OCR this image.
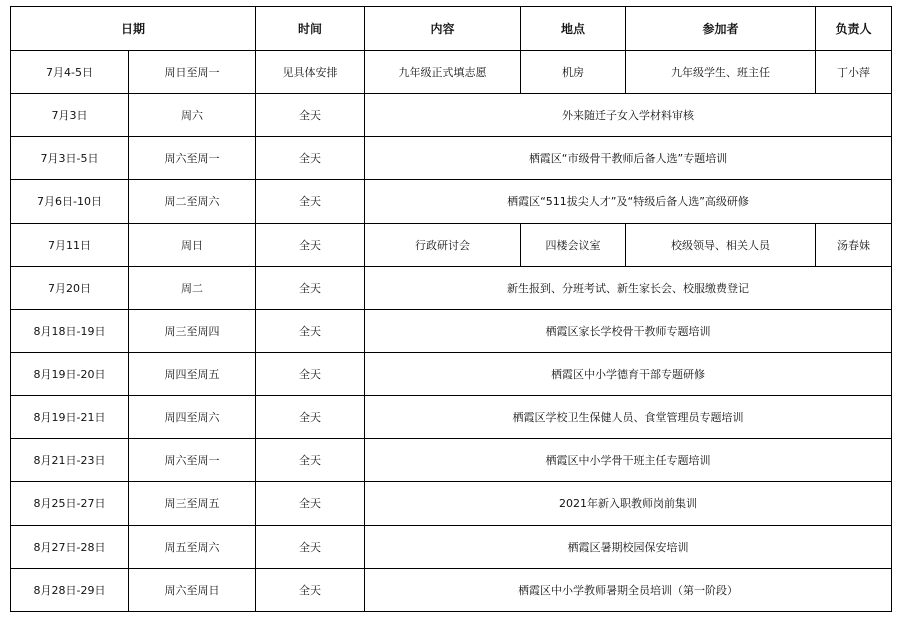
日期		时间	内容	地点	参加者	负责人
7月4-5日	周日至周一	见具体安排	九年级正式填志愿	机房	九年级学生、班主任	丁小萍
7月3日	周六	全天	外来随迁子女入学材料审核			
7月3日-5日	周六至周一	全天	栖霞区“市级骨干教师后备人选”专题培训			
7月6日-10日	周二至周六	全天	栖霞区“511拔尖人才”及“特级后备人选”高级研修			
7月11日	周日	全天	行政研讨会	四楼会议室	校级领导、相关人员	汤春妹
7月20日	周二	全天	新生报到、分班考试、新生家长会、校服缴费登记			
8月18日-19日	周三至周四	全天	栖霞区家长学校骨干教师专题培训			
8月19日-20日	周四至周五	全天	栖霞区中小学德育干部专题研修			
8月19日-21日	周四至周六	全天	栖霞区学校卫生保健人员、食堂管理员专题培训			
8月21日-23日	周六至周一	全天	栖霞区中小学骨干班主任专题培训			
8月25日-27日	周三至周五	全天	2021年新入职教师岗前集训			
8月27日-28日	周五至周六	全天	栖霞区暑期校园保安培训			
8月28日-29日	周六至周日	全天	栖霞区中小学教师暑期全员培训（第一阶段）			
